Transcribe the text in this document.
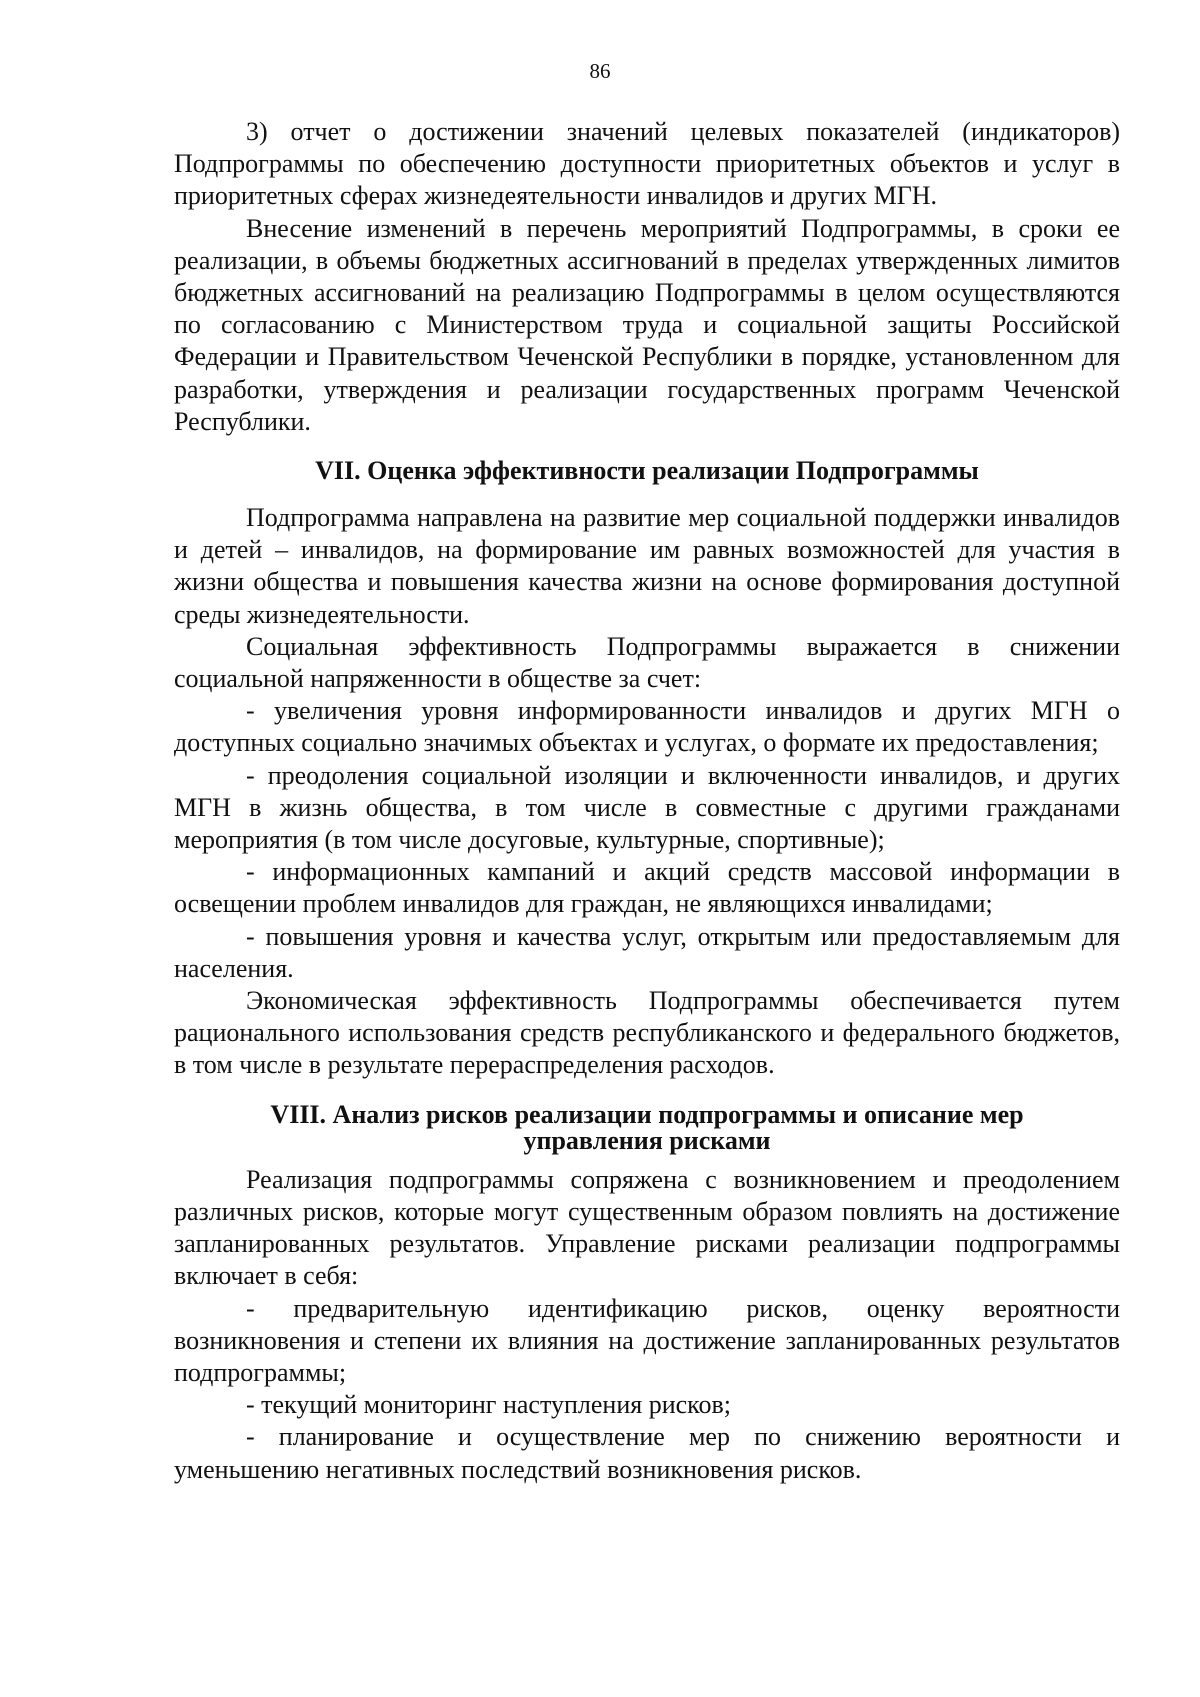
86

3) отчет о достижении значений целевых показателей (индикаторов) Подпрограммы по обеспечению доступности приоритетных объектов и услуг в приоритетных сферах жизнедеятельности инвалидов и других МГН.

Внесение изменений в перечень мероприятий Подпрограммы, в сроки ее реализации, в объемы бюджетных ассигнований в пределах утвержденных лимитов бюджетных ассигнований на реализацию Подпрограммы в целом осуществляются по согласованию с Министерством труда и социальной защиты Российской Федерации и Правительством Чеченской Республики в порядке, установленном для разработки, утверждения и реализации государственных программ Чеченской Республики.

VII. Оценка эффективности реализации Подпрограммы

Подпрограмма направлена на развитие мер социальной поддержки инвалидов и детей – инвалидов, на формирование им равных возможностей для участия в жизни общества и повышения качества жизни на основе формирования доступной среды жизнедеятельности.

Социальная эффективность Подпрограммы выражается в снижении социальной напряженности в обществе за счет:

- увеличения уровня информированности инвалидов и других МГН о доступных социально значимых объектах и услугах, о формате их предоставления;

- преодоления социальной изоляции и включенности инвалидов, и других МГН в жизнь общества, в том числе в совместные с другими гражданами мероприятия (в том числе досуговые, культурные, спортивные);

- информационных кампаний и акций средств массовой информации в освещении проблем инвалидов для граждан, не являющихся инвалидами;

- повышения уровня и качества услуг, открытым или предоставляемым для населения.

Экономическая эффективность Подпрограммы обеспечивается путем рационального использования средств республиканского и федерального бюджетов, в том числе в результате перераспределения расходов.

VIII. Анализ рисков реализации подпрограммы и описание мер
управления рисками

Реализация подпрограммы сопряжена с возникновением и преодолением различных рисков, которые могут существенным образом повлиять на достижение запланированных результатов. Управление рисками реализации подпрограммы включает в себя:

- предварительную идентификацию рисков, оценку вероятности возникновения и степени их влияния на достижение запланированных результатов подпрограммы;

- текущий мониторинг наступления рисков;

- планирование и осуществление мер по снижению вероятности и уменьшению негативных последствий возникновения рисков.
